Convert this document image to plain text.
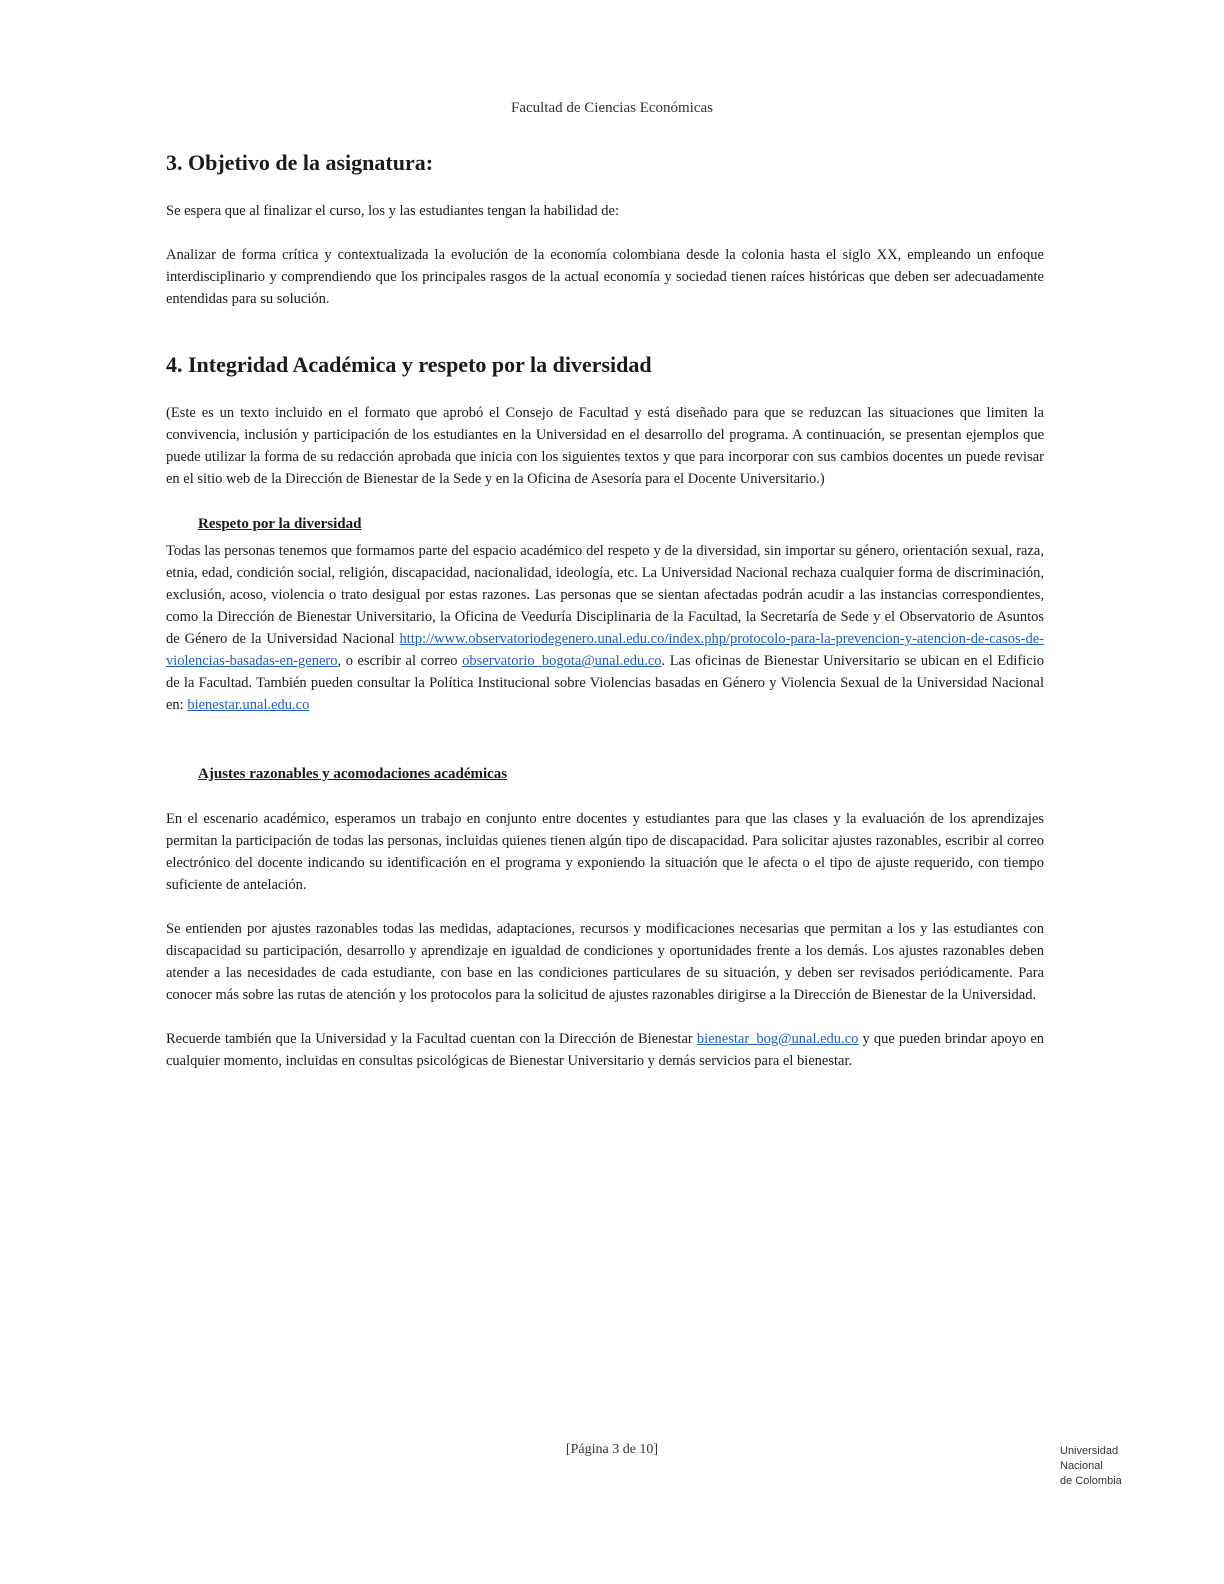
Facultad de Ciencias Económicas
3. Objetivo de la asignatura:

Se espera que al finalizar el curso, los y las estudiantes tengan la habilidad de:

Analizar de forma crítica y contextualizada la evolución de la economía colombiana desde la colonia hasta el siglo XX, empleando un enfoque interdisciplinario y comprendiendo que los principales rasgos de la actual economía y sociedad tienen raíces históricas que deben ser adecuadamente entendidas para su solución.

4. Integridad Académica y respeto por la diversidad

(Este es un texto incluido en el formato que aprobó el Consejo de Facultad y está diseñado para que se reduzcan las situaciones que limiten la convivencia, inclusión y participación de los estudiantes en la Universidad en el desarrollo del programa. A continuación, se presentan ejemplos que puede utilizar la forma de su redacción aprobada que inicia con los siguientes textos y que para incorporar con sus cambios docentes un puede revisar en el sitio web de la Dirección de Bienestar de la Sede y en la Oficina de Asesoría para el Docente Universitario.)

Respeto por la diversidad

Todas las personas tenemos que formamos parte del espacio académico del respeto y de la diversidad, sin importar su género, orientación sexual, raza, etnia, edad, condición social, religión, discapacidad, nacionalidad, ideología, etc. La Universidad Nacional rechaza cualquier forma de discriminación, exclusión, acoso, violencia o trato desigual por estas razones. Las personas que se sientan afectadas podrán acudir a las instancias correspondientes, como la Dirección de Bienestar Universitario, la Oficina de Veeduría Disciplinaria de la Facultad, la Secretaría de Sede y el Observatorio de Asuntos de Género de la Universidad Nacional http://www.observatoriodegenero.unal.edu.co/index.php/protocolo-para-la-prevencion-y-atencion-de-casos-de-violencias-basadas-en-genero, o escribir al correo observatorio_bogota@unal.edu.co. Las oficinas de Bienestar Universitario se ubican en el Edificio de la Facultad. También pueden consultar la Política Institucional sobre Violencias basadas en Género y Violencia Sexual de la Universidad Nacional en: bienestar.unal.edu.co

Ajustes razonables y acomodaciones académicas

En el escenario académico, esperamos un trabajo en conjunto entre docentes y estudiantes para que las clases y la evaluación de los aprendizajes permitan la participación de todas las personas, incluidas quienes tienen algún tipo de discapacidad. Para solicitar ajustes razonables, escribir al correo electrónico del docente indicando su identificación en el programa y exponiendo la situación que le afecta o el tipo de ajuste requerido, con tiempo suficiente de antelación.

Se entienden por ajustes razonables todas las medidas, adaptaciones, recursos y modificaciones necesarias que permitan a los y las estudiantes con discapacidad su participación, desarrollo y aprendizaje en igualdad de condiciones y oportunidades frente a los demás. Los ajustes razonables deben atender a las necesidades de cada estudiante, con base en las condiciones particulares de su situación, y deben ser revisados periódicamente. Para conocer más sobre las rutas de atención y los protocolos para la solicitud de ajustes razonables dirigirse a la Dirección de Bienestar de la Universidad.

Recuerde también que la Universidad y la Facultad cuentan con la Dirección de Bienestar bienestar_bog@unal.edu.co y que pueden brindar apoyo en cualquier momento, incluidas en consultas psicológicas de Bienestar Universitario y demás servicios para el bienestar.

[Página 3 de 10]	Universidad
Nacional
de Colombia
